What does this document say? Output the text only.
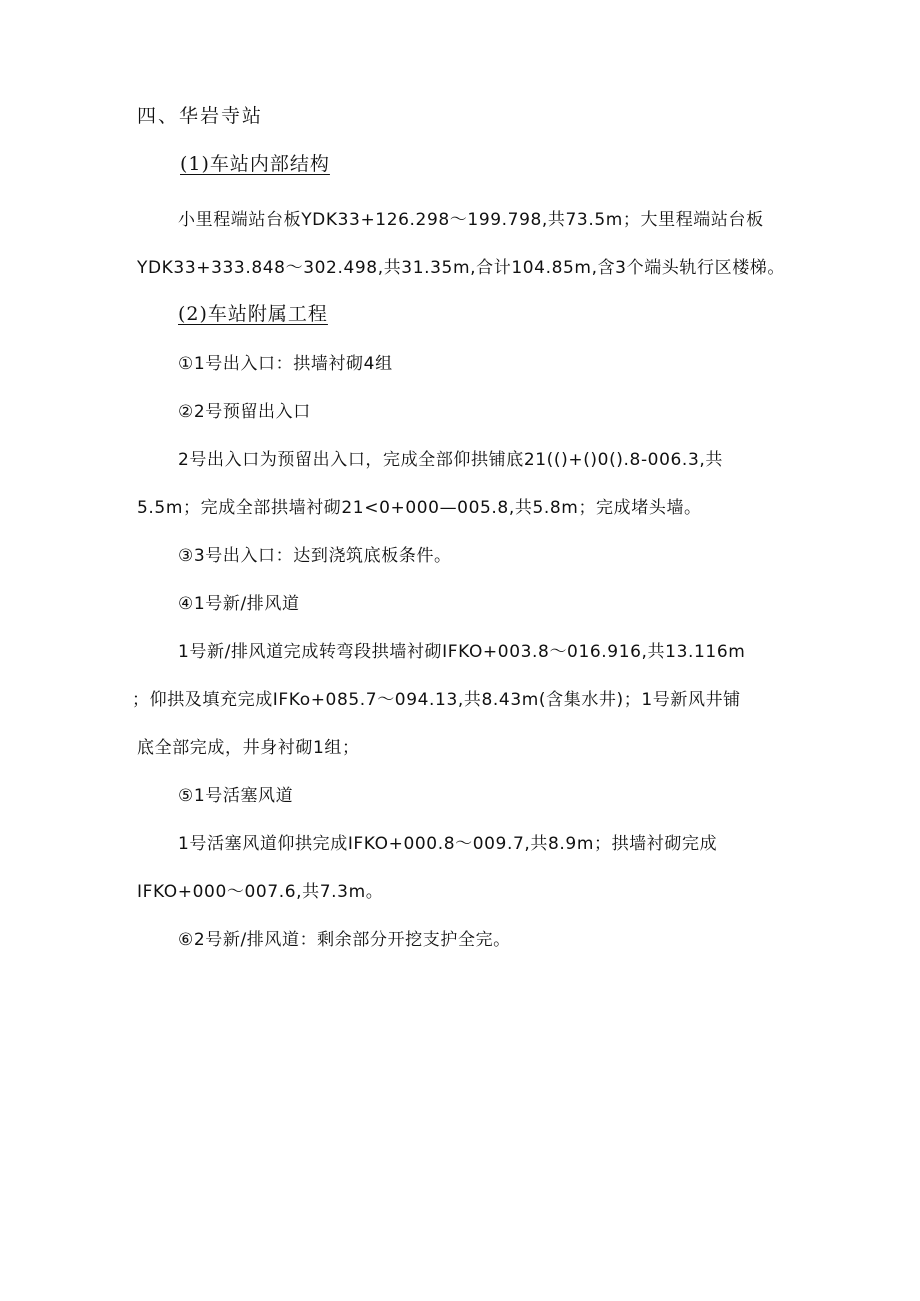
四、华岩寺站
(1)车站内部结构
小里程端站台板YDK33+126.298～199.798,共73.5m；大里程端站台板
YDK33+333.848～302.498,共31.35m,合计104.85m,含3个端头轨行区楼梯。
(2)车站附属工程
①1号出入口：拱墙衬砌4组
②2号预留出入口
2号出入口为预留出入口，完成全部仰拱铺底21(()+()0().8-006.3,共
5.5m；完成全部拱墙衬砌21<0+000—005.8,共5.8m；完成堵头墙。
③3号出入口：达到浇筑底板条件。
④1号新/排风道
1号新/排风道完成转弯段拱墙衬砌IFKO+003.8～016.916,共13.116m
；仰拱及填充完成IFKo+085.7～094.13,共8.43m(含集水井)；1号新风井铺
底全部完成，井身衬砌1组；
⑤1号活塞风道
1号活塞风道仰拱完成IFKO+000.8～009.7,共8.9m；拱墙衬砌完成
IFKO+000～007.6,共7.3m。
⑥2号新/排风道：剩余部分开挖支护全完。
